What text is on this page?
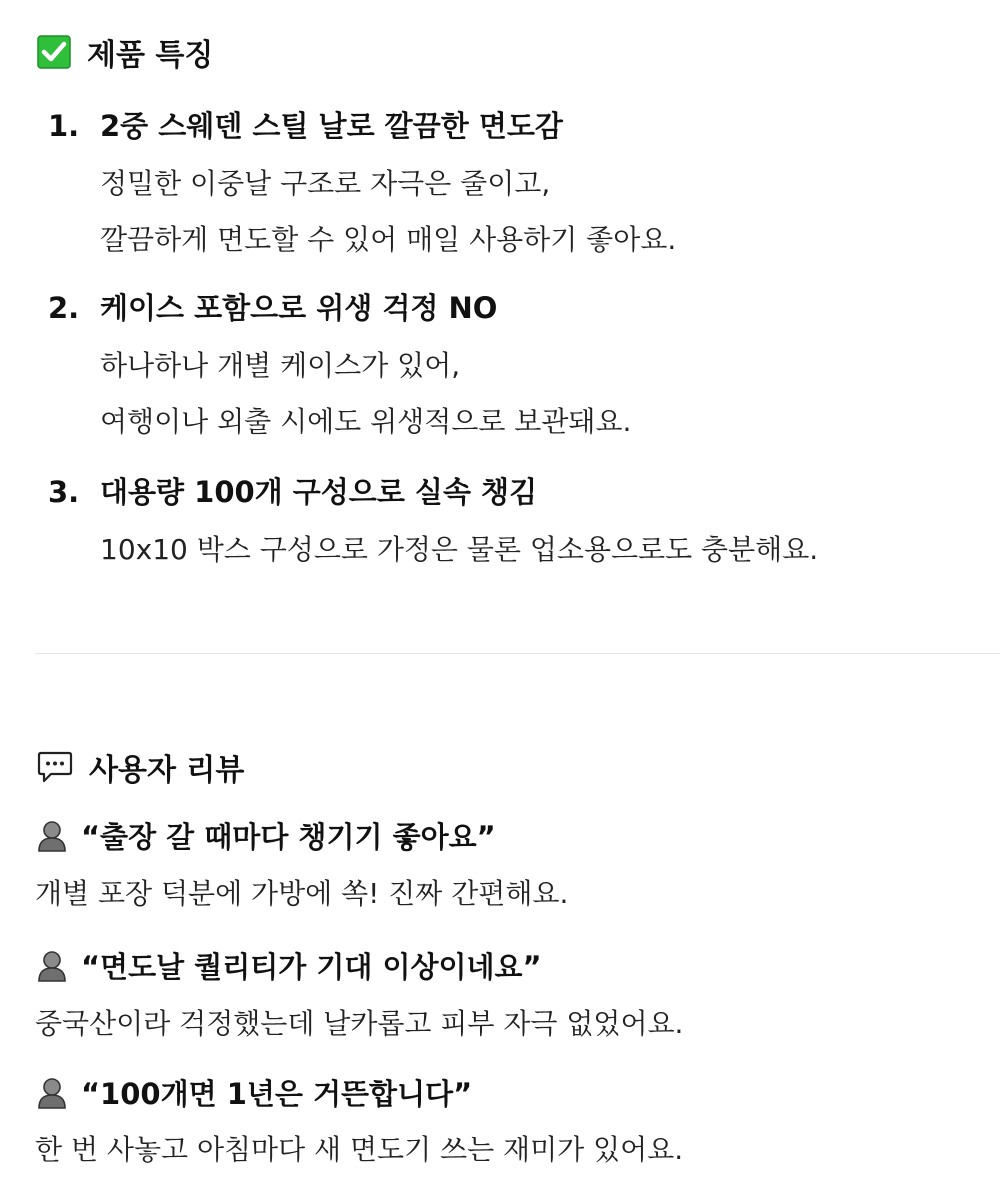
제품 특징
1. 2중 스웨덴 스틸 날로 깔끔한 면도감
정밀한 이중날 구조로 자극은 줄이고,
깔끔하게 면도할 수 있어 매일 사용하기 좋아요.
2. 케이스 포함으로 위생 걱정 NO
하나하나 개별 케이스가 있어,
여행이나 외출 시에도 위생적으로 보관돼요.
3. 대용량 100개 구성으로 실속 챙김
10x10 박스 구성으로 가정은 물론 업소용으로도 충분해요.
사용자 리뷰
“출장 갈 때마다 챙기기 좋아요”
개별 포장 덕분에 가방에 쏙! 진짜 간편해요.
“면도날 퀄리티가 기대 이상이네요”
중국산이라 걱정했는데 날카롭고 피부 자극 없었어요.
“100개면 1년은 거뜬합니다”
한 번 사놓고 아침마다 새 면도기 쓰는 재미가 있어요.
